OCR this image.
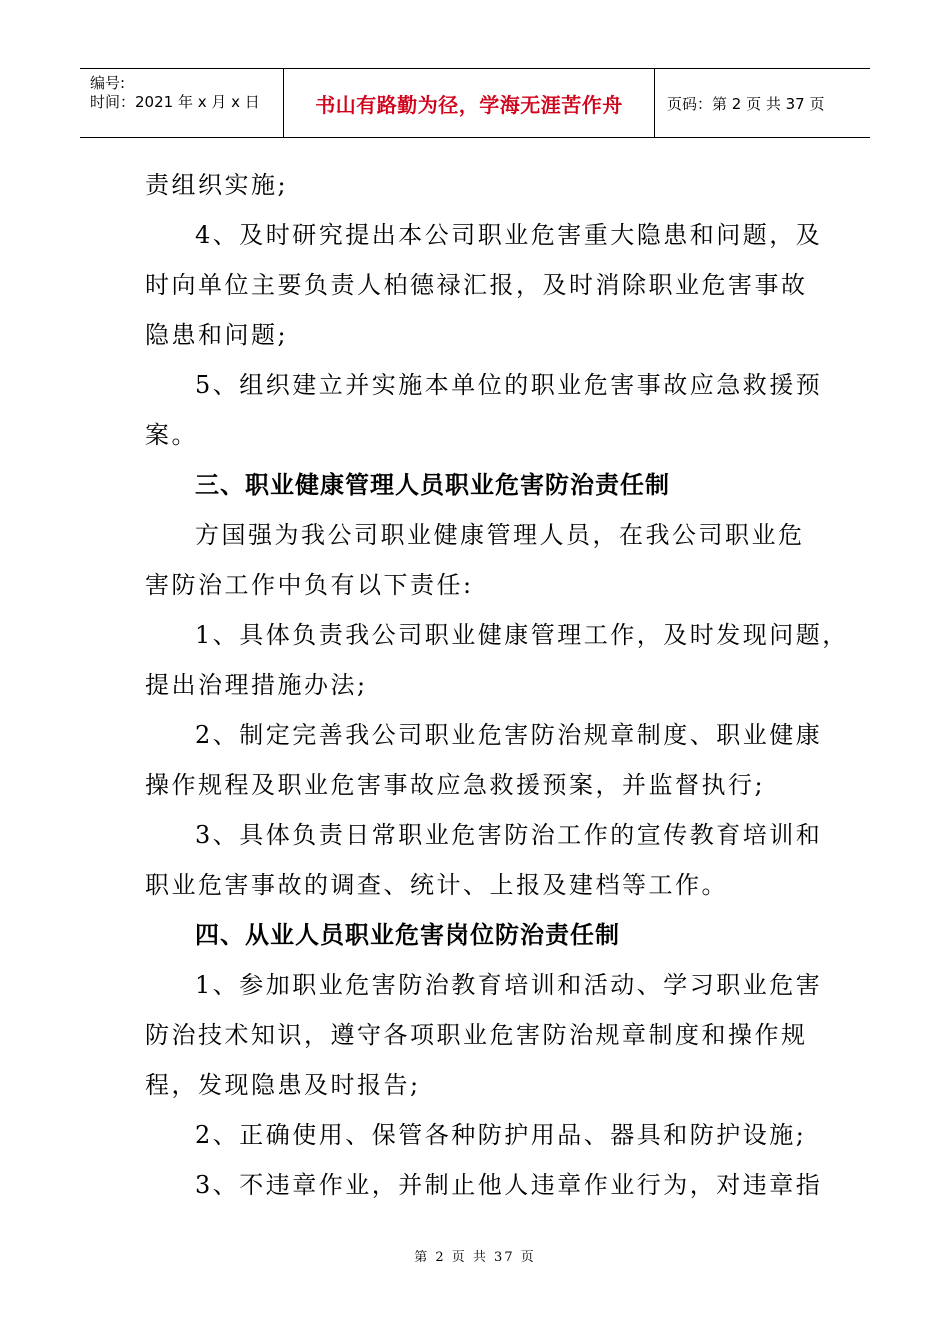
编号:
时间：2021 年 x 月 x 日	书山有路勤为径，学海无涯苦作舟	页码：第 2 页 共 37 页
责组织实施;
4、及时研究提出本公司职业危害重大隐患和问题，及
时向单位主要负责人柏德禄汇报，及时消除职业危害事故
隐患和问题;
5、组织建立并实施本单位的职业危害事故应急救援预
案。
三、职业健康管理人员职业危害防治责任制
方国强为我公司职业健康管理人员，在我公司职业危
害防治工作中负有以下责任:
1、具体负责我公司职业健康管理工作，及时发现问题，
提出治理措施办法;
2、制定完善我公司职业危害防治规章制度、职业健康
操作规程及职业危害事故应急救援预案，并监督执行;
3、具体负责日常职业危害防治工作的宣传教育培训和
职业危害事故的调查、统计、上报及建档等工作。
四、从业人员职业危害岗位防治责任制
1、参加职业危害防治教育培训和活动、学习职业危害
防治技术知识，遵守各项职业危害防治规章制度和操作规
程，发现隐患及时报告;
2、正确使用、保管各种防护用品、器具和防护设施;
3、不违章作业，并制止他人违章作业行为，对违章指
第 2 页 共 37 页
